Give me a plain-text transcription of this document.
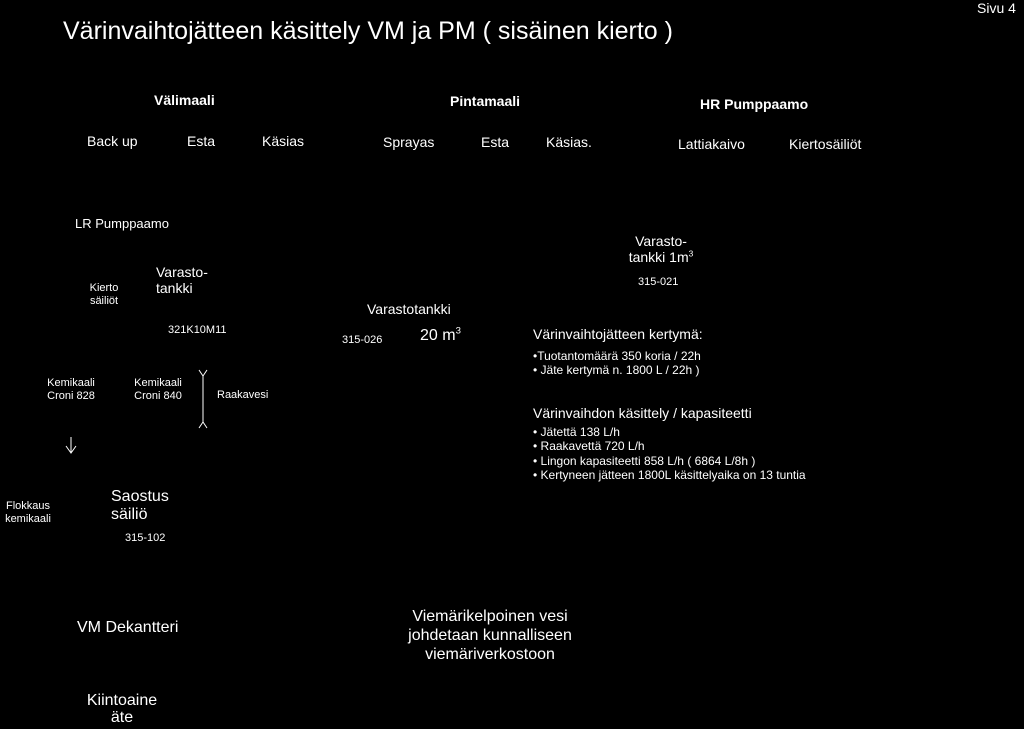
Värinvaihtojätteen käsittely VM ja PM ( sisäinen kierto )
Sivu 4
Välimaali	Pintamaali	HR Pumppaamo
Back up	Esta	Käsias	Sprayas	Esta	Käsias.	Lattiakaivo	Kiertosäiliöt
LR Pumppaamo
Kierto
säiliöt
Varasto-
tankki
321K10M11
Kemikaali
Croni 828
Kemikaali
Croni 840	Raakavesi
Flokkaus
kemikaali
Saostus
säiliö
315-102
Varastotankki
315-026 20 $m^3$
Varasto-
tankki $1m^3$
315-021
Värinvaihtojätteen kertymä:
•Tuotantomäärä 350 koria / 22h
• Jäte kertymä n. 1800 L / 22h )
Värinvaihdon käsittely / kapasiteetti
• Jätettä 138 L/h
• Raakavettä 720 L/h
• Lingon kapasiteetti 858 L/h ( 6864 L/8h )
• Kertyneen jätteen 1800L käsittelyaika on 13 tuntia
VM Dekantteri
Viemärikelpoinen vesi
johdetaan kunnalliseen
viemäriverkostoon
Kiintoaine
äte
